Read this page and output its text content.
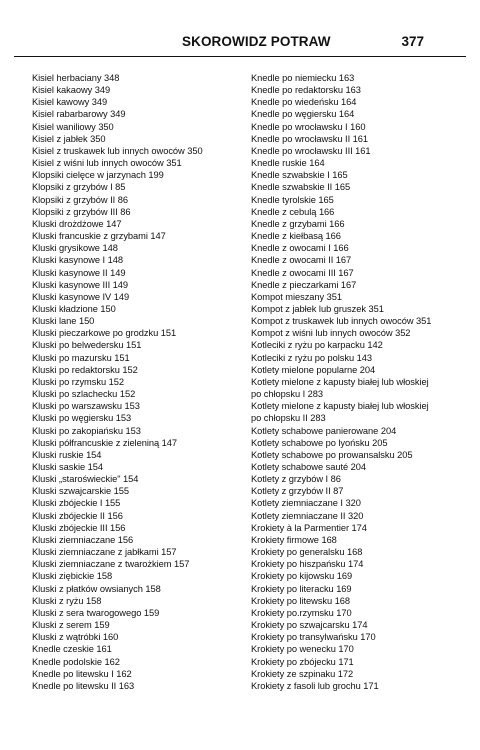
SKOROWIDZ POTRAW	377
Kisiel herbaciany 348
Kisiel kakaowy 349
Kisiel kawowy 349
Kisiel rabarbarowy 349
Kisiel waniliowy 350
Kisiel z jabłek 350
Kisiel z truskawek lub innych owoców 350
Kisiel z wiśni lub innych owoców 351
Klopsiki cielęce w jarzynach 199
Klopsiki z grzybów I 85
Klopsiki z grzybów II 86
Klopsiki z grzybów III 86
Kluski drożdżowe 147
Kluski francuskie z grzybami 147
Kluski grysikowe 148
Kluski kasynowe I 148
Kluski kasynowe II 149
Kluski kasynowe III 149
Kluski kasynowe IV 149
Kluski kładzione 150
Kluski lane 150
Kluski pieczarkowe po grodzku 151
Kluski po belwedersku 151
Kluski po mazursku 151
Kluski po redaktorsku 152
Kluski po rzymsku 152
Kluski po szlachecku 152
Kluski po warszawsku 153
Kluski po węgiersku 153
Kluski po zakopiańsku 153
Kluski półfrancuskie z zieleniną 147
Kluski ruskie 154
Kluski saskie 154
Kluski „staroświeckie" 154
Kluski szwajcarskie 155
Kluski zbójeckie I 155
Kluski zbójeckie II 156
Kluski zbójeckie III 156
Kluski ziemniaczane 156
Kluski ziemniaczane z jabłkami 157
Kluski ziemniaczane z twarożkiem 157
Kluski ziębickie 158
Kluski z płatków owsianych 158
Kluski z ryżu 158
Kluski z sera twarogowego 159
Kluski z serem 159
Kluski z wątróbki 160
Knedle czeskie 161
Knedle podolskie 162
Knedle po litewsku I 162
Knedle po litewsku II 163
Knedle po niemiecku 163
Knedle po redaktorsku 163
Knedle po wiedeńsku 164
Knedle po węgiersku 164
Knedle po wrocławsku I 160
Knedle po wrocławsku II 161
Knedle po wrocławsku III 161
Knedle ruskie 164
Knedle szwabskie I 165
Knedle szwabskie II 165
Knedle tyrolskie 165
Knedle z cebulą 166
Knedle z grzybami 166
Knedle z kiełbasą 166
Knedle z owocami I 166
Knedle z owocami II 167
Knedle z owocami III 167
Knedle z pieczarkami 167
Kompot mieszany 351
Kompot z jabłek lub gruszek 351
Kompot z truskawek lub innych owoców 351
Kompot z wiśni lub innych owoców 352
Kotleciki z ryżu po karpacku 142
Kotleciki z ryżu po polsku 143
Kotlety mielone popularne 204
Kotlety mielone z kapusty białej lub włoskiej
po chłopsku I 283
Kotlety mielone z kapusty białej lub włoskiej
po chłopsku II 283
Kotlety schabowe panierowane 204
Kotlety schabowe po lyońsku 205
Kotlety schabowe po prowansalsku 205
Kotlety schabowe sauté 204
Kotlety z grzybów I 86
Kotlety z grzybów II 87
Kotlety ziemniaczane I 320
Kotlety ziemniaczane II 320
Krokiety à la Parmentier 174
Krokiety firmowe 168
Krokiety po generalsku 168
Krokiety po hiszpańsku 174
Krokiety po kijowsku 169
Krokiety po literacku 169
Krokiety po litewsku 168
Krokiety po.rzymsku 170
Krokiety po szwajcarsku 174
Krokiety po transylwańsku 170
Krokiety po wenecku 170
Krokiety po zbójecku 171
Krokiety ze szpinaku 172
Krokiety z fasoli lub grochu 171
